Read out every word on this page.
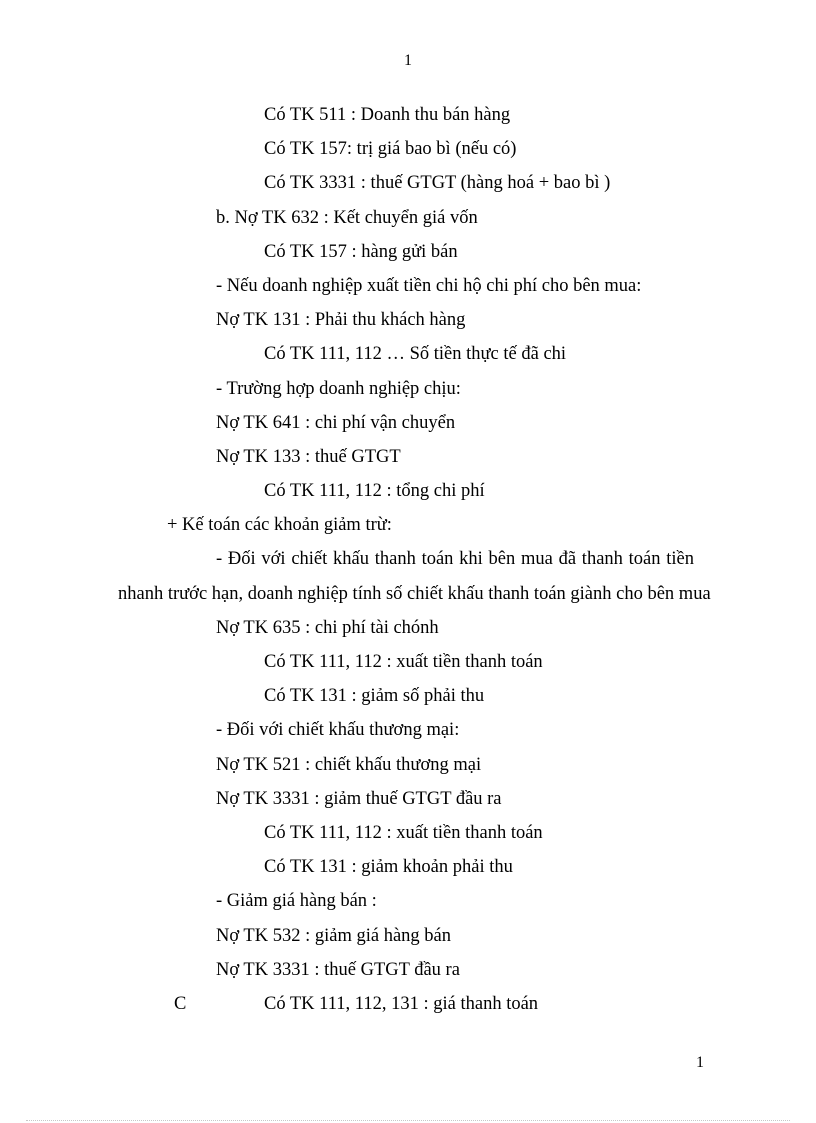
1
Có TK 511 : Doanh thu bán hàng
Có TK 157: trị giá bao bì (nếu có)
Có TK 3331 : thuế GTGT (hàng hoá + bao bì )
b. Nợ TK 632 : Kết chuyển giá vốn
Có TK 157 : hàng gửi bán
- Nếu doanh nghiệp xuất tiền chi hộ chi phí cho bên mua:
Nợ TK 131 : Phải thu khách hàng
Có TK 111, 112 … Số tiền thực tế đã chi
- Trường hợp doanh nghiệp chịu:
Nợ TK 641 : chi phí vận chuyển
Nợ TK 133 : thuế GTGT
Có TK 111, 112 : tổng chi phí
+ Kế toán các khoản giảm trừ:
- Đối với chiết khấu thanh toán khi bên mua đã thanh toán tiền
nhanh trước hạn, doanh nghiệp tính số chiết khấu thanh toán giành cho bên mua
Nợ TK 635 : chi phí tài chónh
Có TK 111, 112 : xuất tiền thanh toán
Có TK 131 : giảm số phải thu
- Đối với chiết khấu thương mại:
Nợ TK 521 : chiết khấu thương mại
Nợ TK 3331 : giảm thuế GTGT đầu ra
Có TK 111, 112 : xuất tiền thanh toán
Có TK 131 : giảm khoản phải thu
- Giảm giá hàng bán :
Nợ TK 532 : giảm giá hàng bán
Nợ TK 3331 : thuế GTGT đầu ra
C	Có TK 111, 112, 131 : giá thanh toán
1
